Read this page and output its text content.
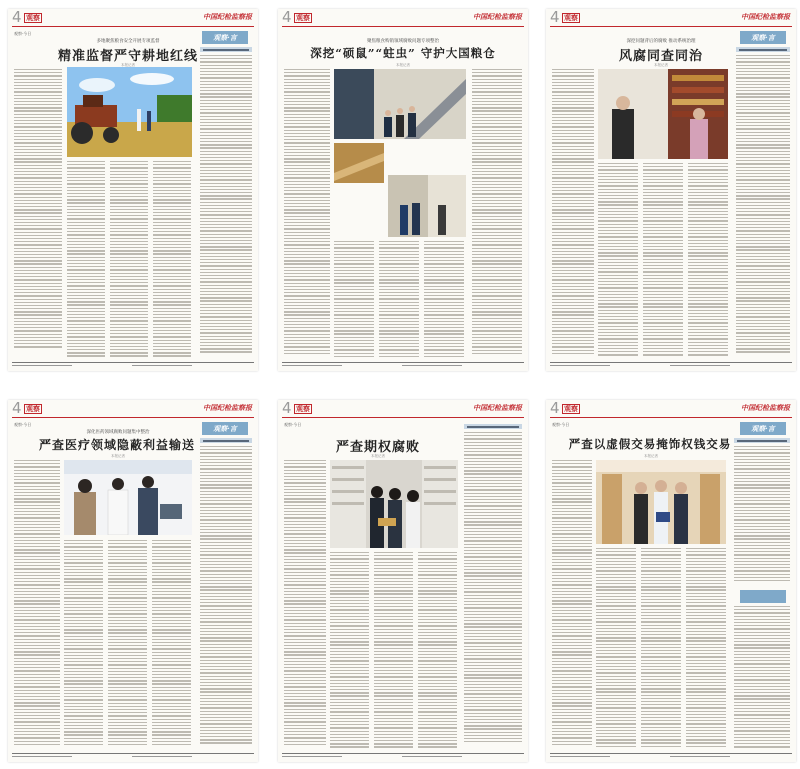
4 观察	中国纪检监察报
观察·今日
多地聚焦粮食安全开展专项监督
精准监督严守耕地红线
本报记者
观察·言
4 观察	中国纪检监察报
聚焦粮食购销领域腐败问题专项整治
深挖“硕鼠”“蛀虫” 守护大国粮仓
本报记者
4 观察	中国纪检监察报
深挖问题背后的腐败 推动系统治理
风腐同查同治
本报记者
观察·言
4 观察	中国纪检监察报
观察·今日
深化医药领域腐败问题集中整治
严查医疗领域隐蔽利益输送
本报记者
观察·言
4 观察	中国纪检监察报
观察·今日
严查期权腐败
本报记者
4 观察	中国纪检监察报
观察·今日
严查以虚假交易掩饰权钱交易
本报记者
观察·言
